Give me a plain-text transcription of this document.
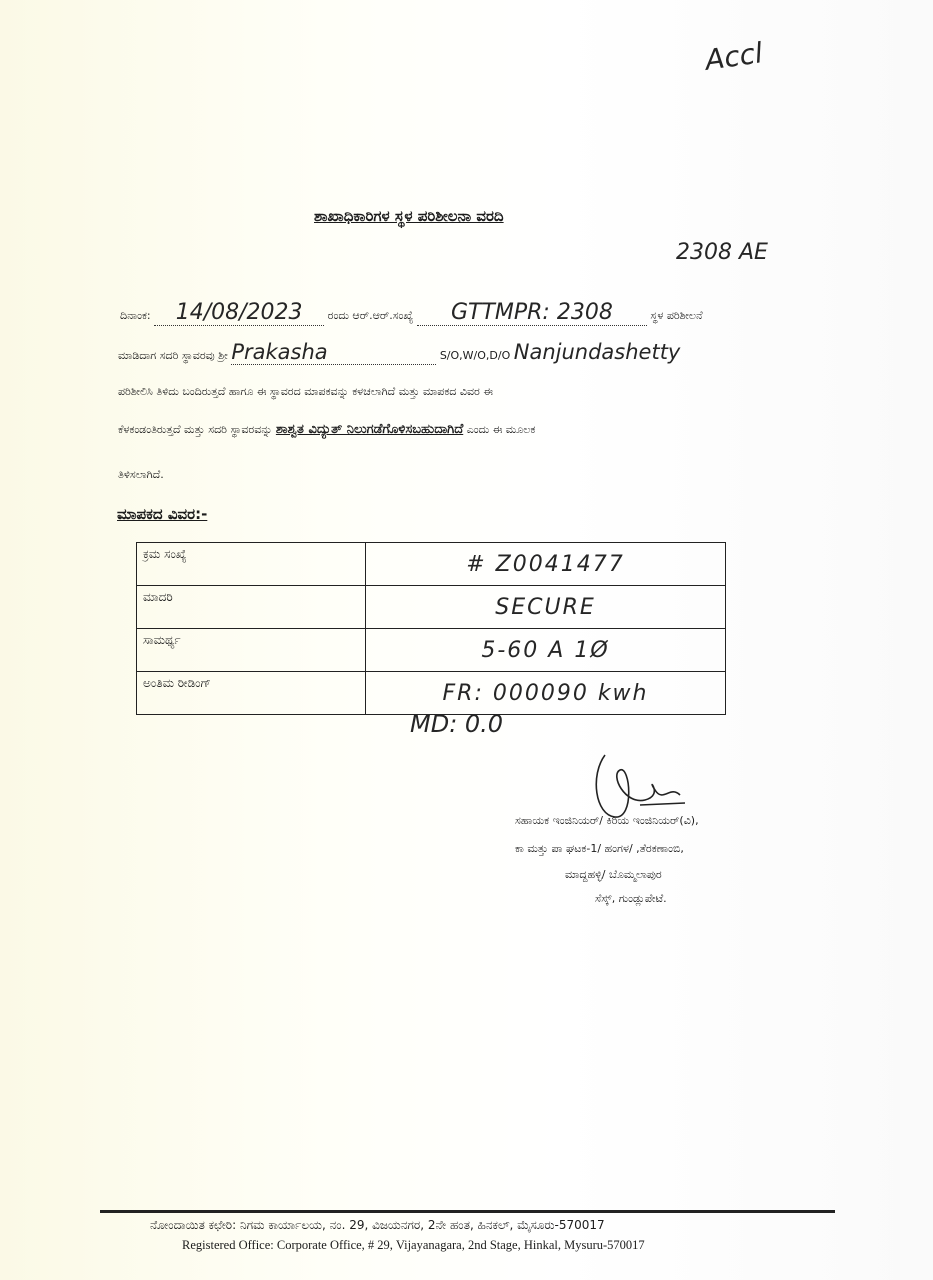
Accl
2308 AE
ಶಾಖಾಧಿಕಾರಿಗಳ ಸ್ಥಳ ಪರಿಶೀಲನಾ ವರದಿ
ದಿನಾಂಕ: 14/08/2023 ರಂದು ಆರ್.ಆರ್.ಸಂಖ್ಯೆ GTTMPR: 2308	ಸ್ಥಳ ಪರಿಶೀಲನೆ
ಮಾಡಿದಾಗ ಸದರಿ ಸ್ಥಾವರವು ಶ್ರೀ Prakasha	S/O,W/O,D/O Nanjundashetty
ಪರಿಶೀಲಿಸಿ ತಿಳಿದು ಬಂದಿರುತ್ತದೆ ಹಾಗೂ ಈ ಸ್ಥಾವರದ ಮಾಪಕವನ್ನು ಕಳಚಲಾಗಿದೆ ಮತ್ತು ಮಾಪಕದ ವಿವರ ಈ
ಕೆಳಕಂಡಂತಿರುತ್ತದೆ ಮತ್ತು ಸದರಿ ಸ್ಥಾವರವನ್ನು ಶಾಶ್ವತ ವಿದ್ಯುತ್ ನಿಲುಗಡೆಗೊಳಿಸಬಹುದಾಗಿದೆ ಎಂದು ಈ ಮೂಲಕ
ತಿಳಿಸಲಾಗಿದೆ.
ಮಾಪಕದ ವಿವರ:-
ಕ್ರಮ ಸಂಖ್ಯೆ	# Z0041477
ಮಾದರಿ	SECURE
ಸಾಮರ್ಥ್ಯ	5-60 A 1Ø
ಅಂತಿಮ ರೀಡಿಂಗ್	FR: 000090 kwh
MD: 0.0
ಸಹಾಯಕ ಇಂಜಿನಿಯರ್/ ಕಿರಿಯ ಇಂಜಿನಿಯರ್(ವಿ),
ಕಾ ಮತ್ತು ಪಾ ಘಟಕ-1/ ಹಂಗಳ/ ,ತೆರಕಣಾಂಬಿ,
ಮಾದ್ದಹಳ್ಳಿ/ ಬೊಮ್ಮಲಾಪುರ
ಸೆಸ್ಕ್, ಗುಂಡ್ಲುಪೇಟೆ.
ನೋಂದಾಯಿತ ಕಛೇರಿ: ನಿಗಮ ಕಾರ್ಯಾಲಯ, ನಂ. 29, ವಿಜಯನಗರ, 2ನೇ ಹಂತ, ಹಿನಕಲ್, ಮೈಸೂರು-570017
Registered Office: Corporate Office, # 29, Vijayanagara, 2nd Stage, Hinkal, Mysuru-570017
